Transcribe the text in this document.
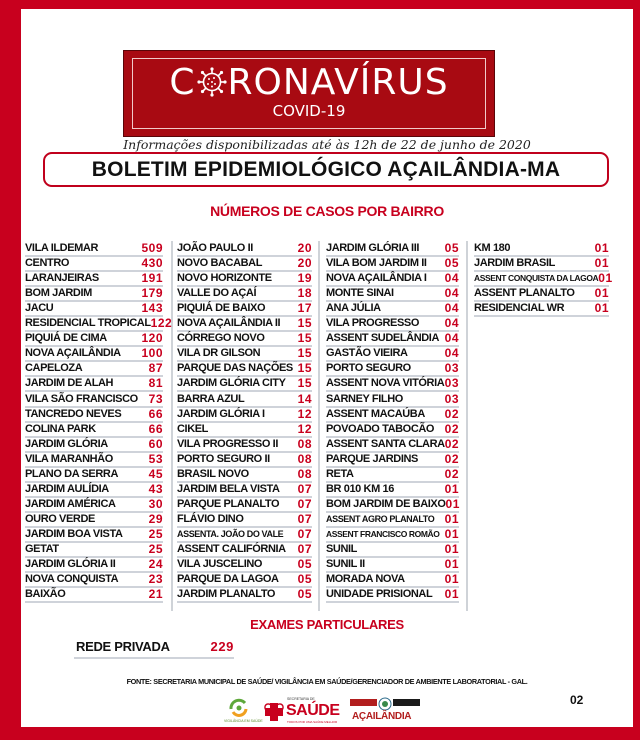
C RONAVÍRUS
COVID-19
Informações disponibilizadas até às 12h de 22 de junho de 2020
BOLETIM EPIDEMIOLÓGICO AÇAILÂNDIA-MA
NÚMEROS DE CASOS POR BAIRRO
VILA ILDEMAR	509
CENTRO	430
LARANJEIRAS	191
BOM JARDIM	179
JACU	143
RESIDENCIAL TROPICAL 122
PIQUIÁ DE CIMA	120
NOVA AÇAILÂNDIA 100
CAPELOZA	87
JARDIM DE ALAH	81
VILA SÃO FRANCISCO 73
TANCREDO NEVES 66
COLINA PARK	66
JARDIM GLÓRIA	60
VILA MARANHÃO	53
PLANO DA SERRA	45
JARDIM AULÍDIA	43
JARDIM AMÉRICA	30
OURO VERDE	29
JARDIM BOA VISTA 25
GETAT	25
JARDIM GLÓRIA II	24
NOVA CONQUISTA	23
BAIXÃO	21
JOÃO PAULO II	20
NOVO BACABAL	20
NOVO HORIZONTE 19
VALLE DO AÇAÍ	18
PIQUIÁ DE BAIXO	17
NOVA AÇAILÂNDIA II 15
CÓRREGO NOVO	15
VILA DR GILSON	15
PARQUE DAS NAÇÕES 15
JARDIM GLÓRIA CITY 15
BARRA AZUL	14
JARDIM GLÓRIA I	12
CIKEL	12
VILA PROGRESSO II 08
PORTO SEGURO II 08
BRASIL NOVO	08
JARDIM BELA VISTA 07
PARQUE PLANALTO 07
FLÁVIO DINO	07
ASSENTA. JOÃO DO VALE 07
ASSENT CALIFÓRNIA 07
VILA JUSCELINO	05
PARQUE DA LAGOA 05
JARDIM PLANALTO 05
JARDIM GLÓRIA III 05
VILA BOM JARDIM II 05
NOVA AÇAILÂNDIA I 04
MONTE SINAI	04
ANA JÚLIA	04
VILA PROGRESSO 04
ASSENT SUDELÂNDIA 04
GASTÃO VIEIRA	04
PORTO SEGURO	03
ASSENT NOVA VITÓRIA 03
SARNEY FILHO	03
ASSENT MACAÚBA 02
POVOADO TABOCÃO 02
ASSENT SANTA CLARA 02
PARQUE JARDINS 02
RETA	02
BR 010 KM 16	01
BOM JARDIM DE BAIXO 01
ASSENT AGRO PLANALTO 01
ASSENT FRANCISCO ROMÃO 01
SUNIL	01
SUNIL II	01
MORADA NOVA	01
UNIDADE PRISIONAL 01
KM 180	01
JARDIM BRASIL	01
ASSENT CONQUISTA DA LAGOA 01
ASSENT PLANALTO 01
RESIDENCIAL WR	01
EXAMES PARTICULARES
REDE PRIVADA	229
FONTE: SECRETARIA MUNICIPAL DE SAÚDE/ VIGILÂNCIA EM SAÚDE/GERENCIADOR DE AMBIENTE LABORATORIAL - GAL.
02
VIGILÂNCIA EM SAÚDE
SECRETARIA DE
SAÚDE
TODOS POR UMA SAÚDE MELHOR AÇAILÂNDIA
